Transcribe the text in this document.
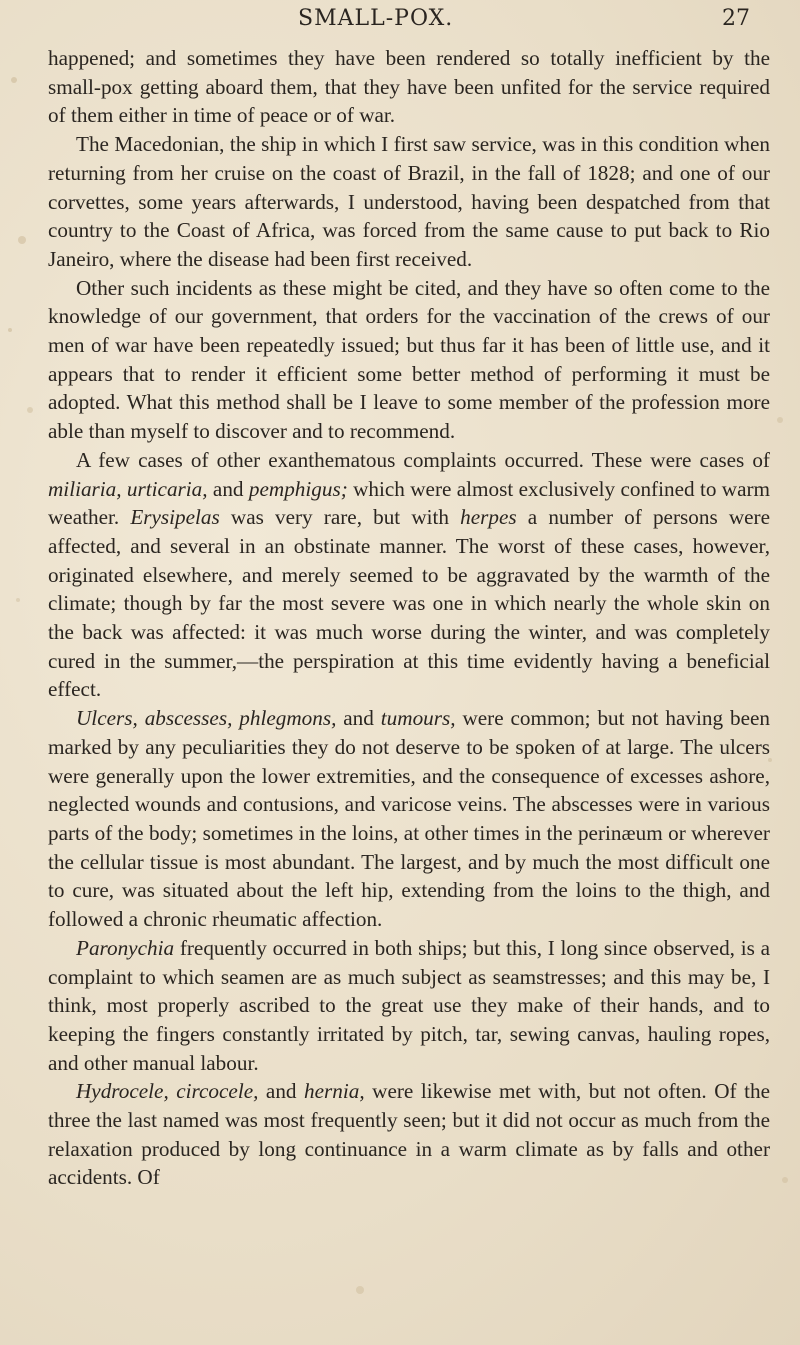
SMALL-POX.	27

happened; and sometimes they have been rendered so totally inefficient by the small-pox getting aboard them, that they have been unfited for the service required of them either in time of peace or of war.

The Macedonian, the ship in which I first saw service, was in this condition when returning from her cruise on the coast of Brazil, in the fall of 1828; and one of our corvettes, some years afterwards, I understood, having been despatched from that country to the Coast of Africa, was forced from the same cause to put back to Rio Janeiro, where the disease had been first received.

Other such incidents as these might be cited, and they have so often come to the knowledge of our government, that orders for the vaccination of the crews of our men of war have been repeatedly issued; but thus far it has been of little use, and it appears that to render it efficient some better method of performing it must be adopted. What this method shall be I leave to some member of the profession more able than myself to discover and to recommend.

A few cases of other exanthematous complaints occurred. These were cases of miliaria, urticaria, and pemphigus; which were almost exclusively confined to warm weather. Erysipelas was very rare, but with herpes a number of persons were affected, and several in an obstinate manner. The worst of these cases, however, originated elsewhere, and merely seemed to be aggravated by the warmth of the climate; though by far the most severe was one in which nearly the whole skin on the back was affected: it was much worse during the winter, and was completely cured in the summer,—the perspiration at this time evidently having a beneficial effect.

Ulcers, abscesses, phlegmons, and tumours, were common; but not having been marked by any peculiarities they do not deserve to be spoken of at large. The ulcers were generally upon the lower extremities, and the consequence of excesses ashore, neglected wounds and contusions, and varicose veins. The abscesses were in various parts of the body; sometimes in the loins, at other times in the perinæum or wherever the cellular tissue is most abundant. The largest, and by much the most difficult one to cure, was situated about the left hip, extending from the loins to the thigh, and followed a chronic rheumatic affection.

Paronychia frequently occurred in both ships; but this, I long since observed, is a complaint to which seamen are as much subject as seamstresses; and this may be, I think, most properly ascribed to the great use they make of their hands, and to keeping the fingers constantly irritated by pitch, tar, sewing canvas, hauling ropes, and other manual labour.

Hydrocele, circocele, and hernia, were likewise met with, but not often. Of the three the last named was most frequently seen; but it did not occur as much from the relaxation produced by long continuance in a warm climate as by falls and other accidents. Of
